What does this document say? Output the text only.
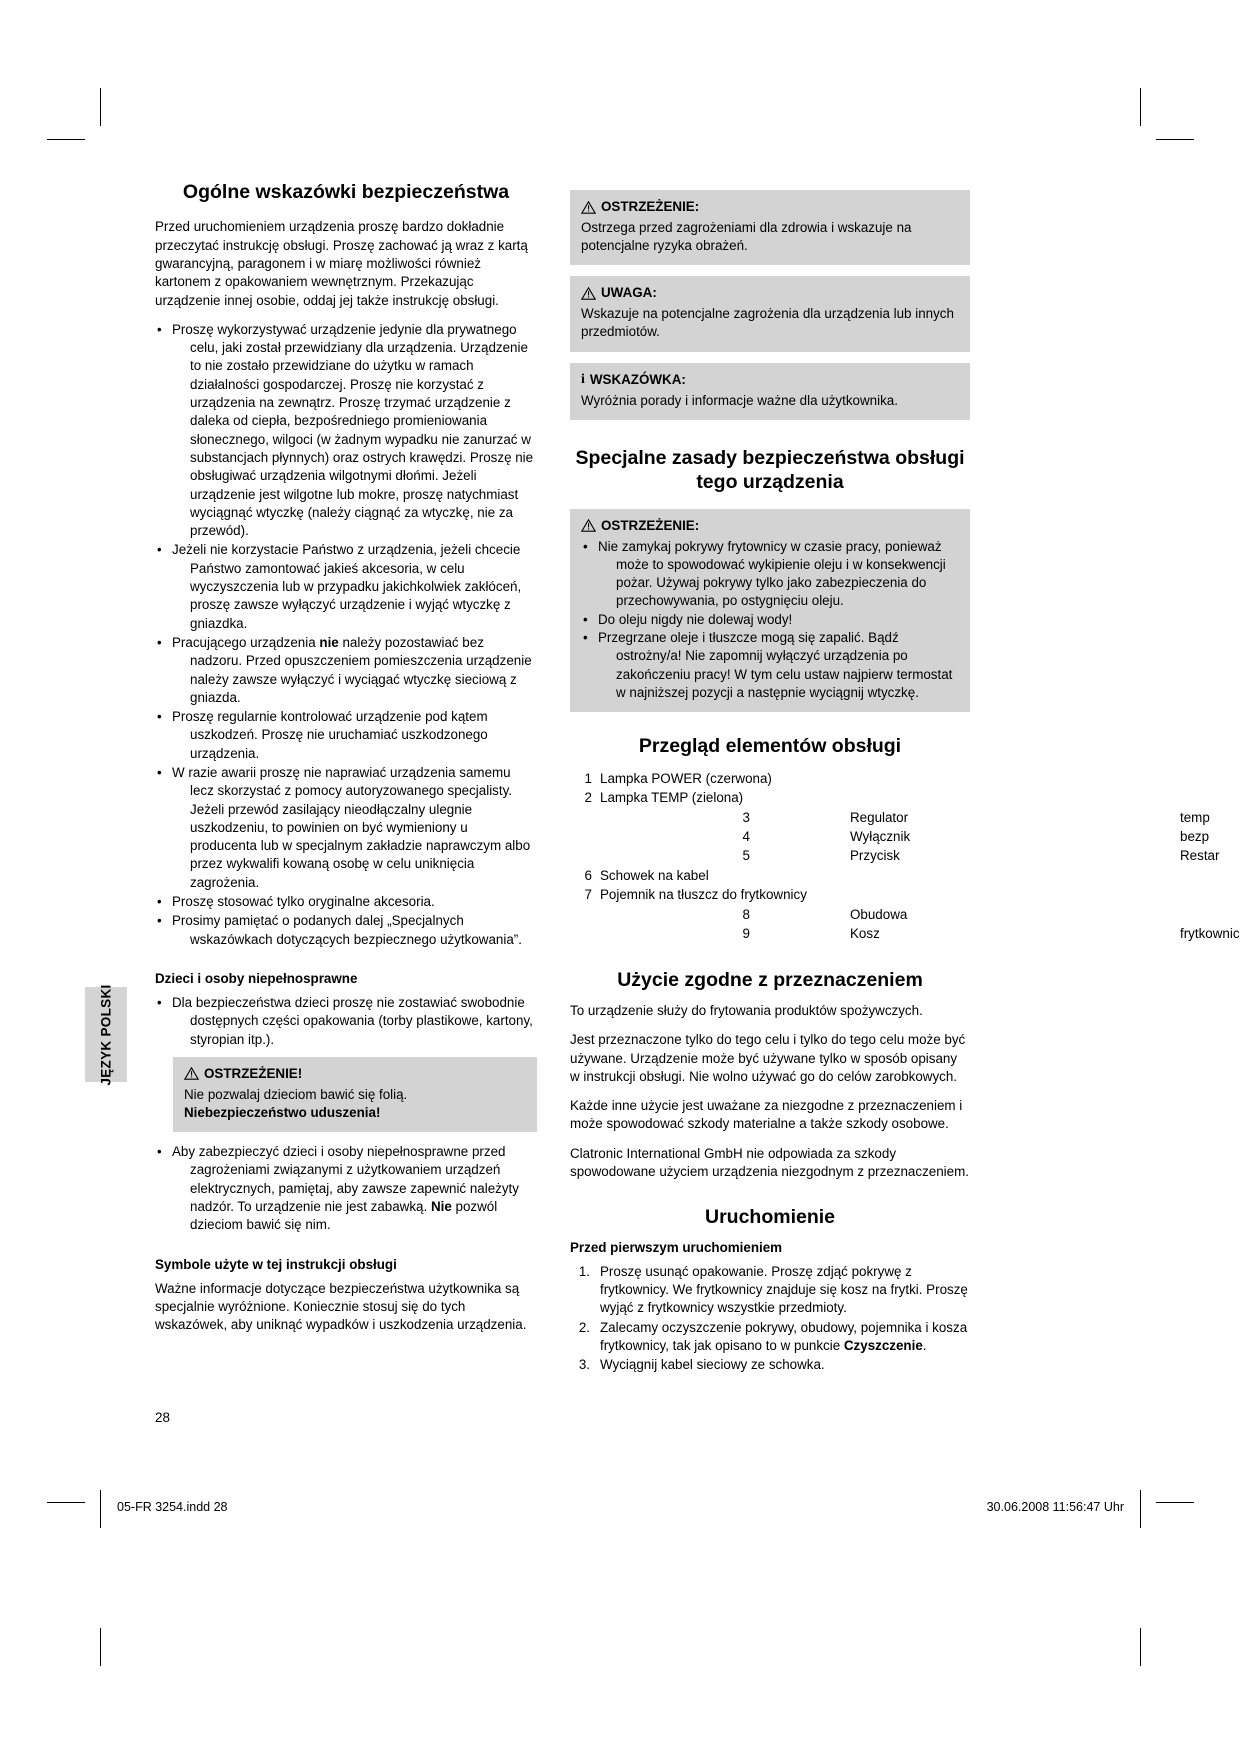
JĘZYK POLSKI
Ogólne wskazówki bezpieczeństwa

Przed uruchomieniem urządzenia proszę bardzo dokładnie przeczytać instrukcję obsługi. Proszę zachować ją wraz z kartą gwarancyjną, paragonem i w miarę możliwości również kartonem z opakowaniem wewnętrznym. Przekazując urządzenie innej osobie, oddaj jej także instrukcję obsługi.

• Proszę wykorzystywać urządzenie jedynie dla prywatnego celu, jaki został przewidziany dla urządzenia. Urządzenie to nie zostało przewidziane do użytku w ramach działalności gospodarczej. Proszę nie korzystać z urządzenia na zewnątrz. Proszę trzymać urządzenie z daleka od ciepła, bezpośredniego promieniowania słonecznego, wilgoci (w żadnym wypadku nie zanurzać w substancjach płynnych) oraz ostrych krawędzi. Proszę nie obsługiwać urządzenia wilgotnymi dłońmi. Jeżeli urządzenie jest wilgotne lub mokre, proszę natychmiast wyciągnąć wtyczkę (należy ciągnąć za wtyczkę, nie za przewód).
• Jeżeli nie korzystacie Państwo z urządzenia, jeżeli chcecie Państwo zamontować jakieś akcesoria, w celu wyczyszczenia lub w przypadku jakichkolwiek zakłóceń, proszę zawsze wyłączyć urządzenie i wyjąć wtyczkę z gniazdka.
• Pracującego urządzenia nie należy pozostawiać bez nadzoru. Przed opuszczeniem pomieszczenia urządzenie należy zawsze wyłączyć i wyciągać wtyczkę sieciową z gniazda.
• Proszę regularnie kontrolować urządzenie pod kątem uszkodzeń. Proszę nie uruchamiać uszkodzonego urządzenia.
• W razie awarii proszę nie naprawiać urządzenia samemu lecz skorzystać z pomocy autoryzowanego specjalisty. Jeżeli przewód zasilający nieodłączalny ulegnie uszkodzeniu, to powinien on być wymieniony u producenta lub w specjalnym zakładzie naprawczym albo przez wykwalifi kowaną osobę w celu uniknięcia zagrożenia.
• Proszę stosować tylko oryginalne akcesoria.
• Prosimy pamiętać o podanych dalej „Specjalnych wskazówkach dotyczących bezpiecznego użytkowania”.
Dzieci i osoby niepełnosprawne
• Dla bezpieczeństwa dzieci proszę nie zostawiać swobodnie dostępnych części opakowania (torby plastikowe, kartony, styropian itp.).

OSTRZEŻENIE!

Nie pozwalaj dzieciom bawić się folią.

Niebezpieczeństwo uduszenia!

• Aby zabezpieczyć dzieci i osoby niepełnosprawne przed zagrożeniami związanymi z użytkowaniem urządzeń elektrycznych, pamiętaj, aby zawsze zapewnić należyty nadzór. To urządzenie nie jest zabawką. Nie pozwól dzieciom bawić się nim.
Symbole użyte w tej instrukcji obsługi

Ważne informacje dotyczące bezpieczeństwa użytkownika są specjalnie wyróżnione. Koniecznie stosuj się do tych wskazówek, aby uniknąć wypadków i uszkodzenia urządzenia.

OSTRZEŻENIE:

Ostrzega przed zagrożeniami dla zdrowia i wskazuje na potencjalne ryzyka obrażeń.

UWAGA:

Wskazuje na potencjalne zagrożenia dla urządzenia lub innych przedmiotów.

i WSKAZÓWKA:

Wyróżnia porady i informacje ważne dla użytkownika.

Specjalne zasady bezpieczeństwa obsługi tego urządzenia

OSTRZEŻENIE:

• Nie zamykaj pokrywy frytownicy w czasie pracy, ponieważ może to spowodować wykipienie oleju i w konsekwencji pożar. Używaj pokrywy tylko jako zabezpieczenia do przechowywania, po ostygnięciu oleju.
• Do oleju nigdy nie dolewaj wody!
• Przegrzane oleje i tłuszcze mogą się zapalić. Bądź ostrożny/a! Nie zapomnij wyłączyć urządzenia po zakończeniu pracy! W tym celu ustaw najpierw termostat w najniższej pozycji a następnie wyciągnij wtyczkę.
Przegląd elementów obsługi
1 Lampka POWER (czerwona)
2 Lampka TEMP (zielona)
3	Regulator	temp
4	Wyłącznik	bezp
5	Przycisk	Restar
6 Schowek na kabel
7 Pojemnik na tłuszcz do frytkownicy
8	Obudowa
9	Kosz	frytkownic
Użycie zgodne z przeznaczeniem

To urządzenie służy do frytowania produktów spożywczych.

Jest przeznaczone tylko do tego celu i tylko do tego celu może być używane. Urządzenie może być używane tylko w sposób opisany w instrukcji obsługi. Nie wolno używać go do celów zarobkowych.

Każde inne użycie jest uważane za niezgodne z przeznaczeniem i może spowodować szkody materialne a także szkody osobowe.

Clatronic International GmbH nie odpowiada za szkody spowodowane użyciem urządzenia niezgodnym z przeznaczeniem.

Uruchomienie
Przed pierwszym uruchomieniem
1. Proszę usunąć opakowanie. Proszę zdjąć pokrywę z frytkownicy. We frytkownicy znajduje się kosz na frytki. Proszę wyjąć z frytkownicy wszystkie przedmioty.
2. Zalecamy oczyszczenie pokrywy, obudowy, pojemnika i kosza frytkownicy, tak jak opisano to w punkcie Czyszczenie.
3. Wyciągnij kabel sieciowy ze schowka.
28
05-FR 3254.indd 28	30.06.2008 11:56:47 Uhr
